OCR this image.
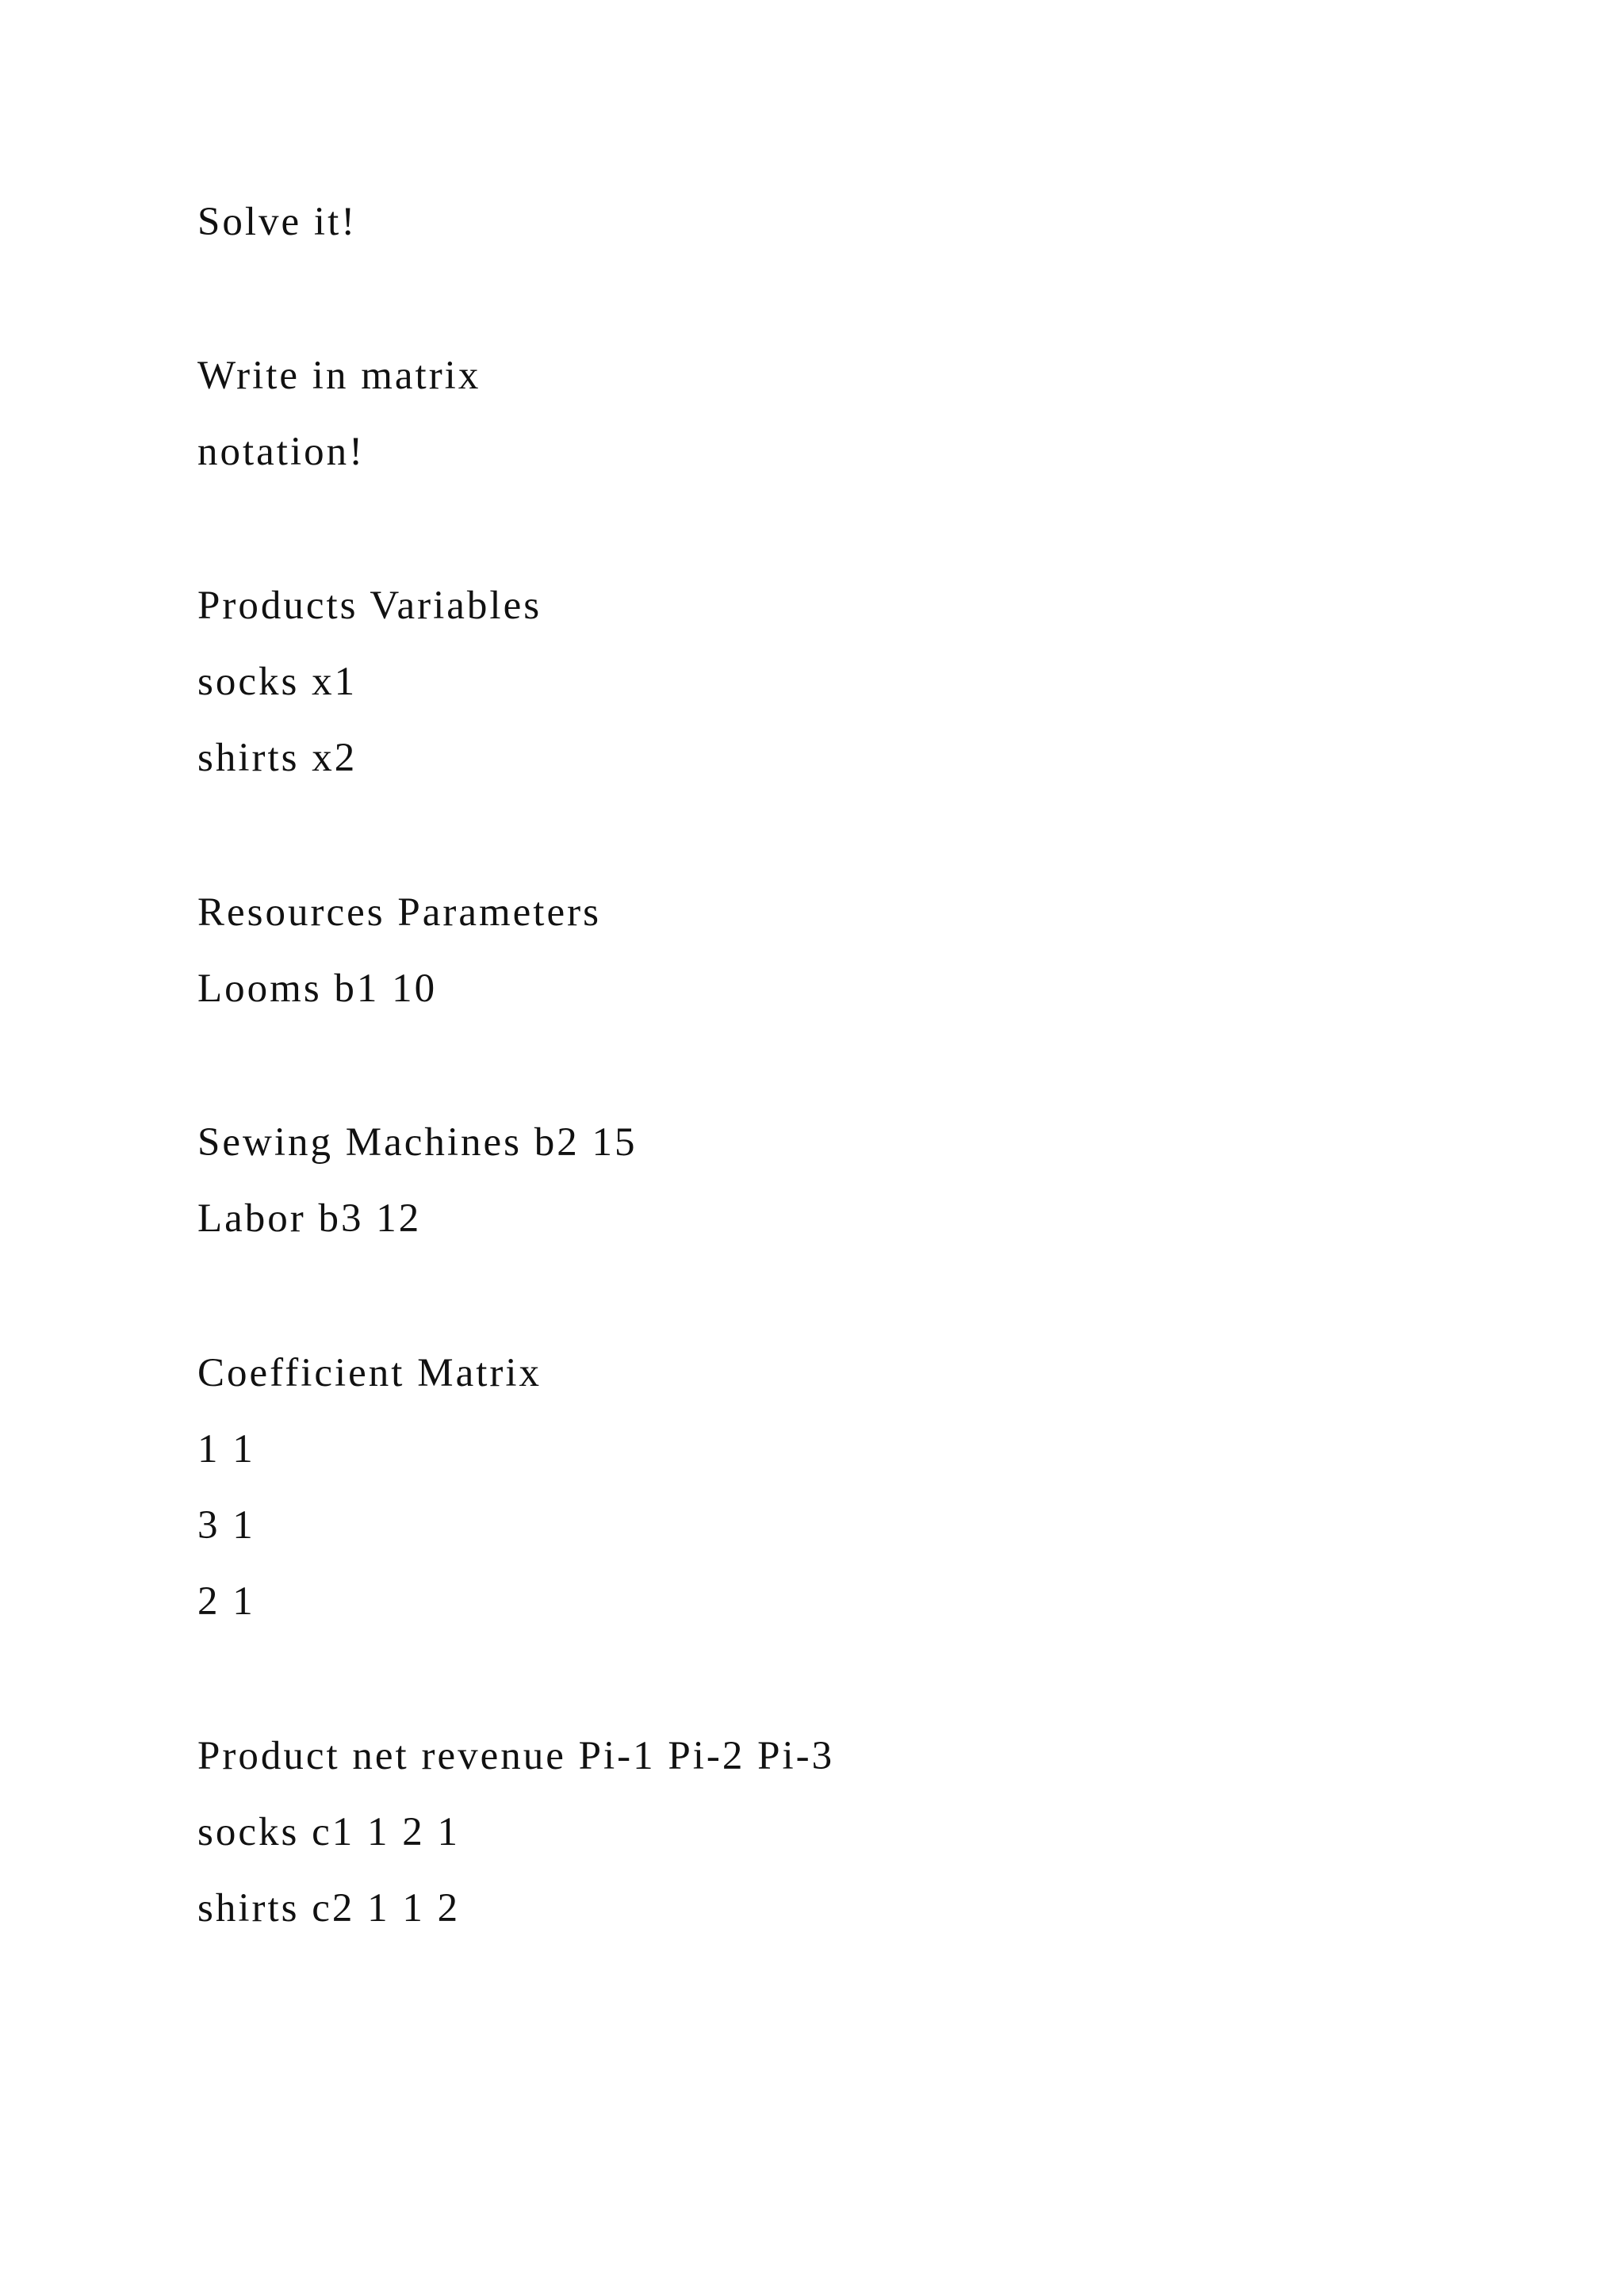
Solve it!
Write in matrix
notation!
Products Variables
socks x1
shirts x2
Resources Parameters
Looms b1 10
Sewing Machines b2 15
Labor b3 12
Coefficient Matrix
1 1
3 1
2 1
Product net revenue Pi-1 Pi-2 Pi-3
socks c1 1 2 1
shirts c2 1 1 2
